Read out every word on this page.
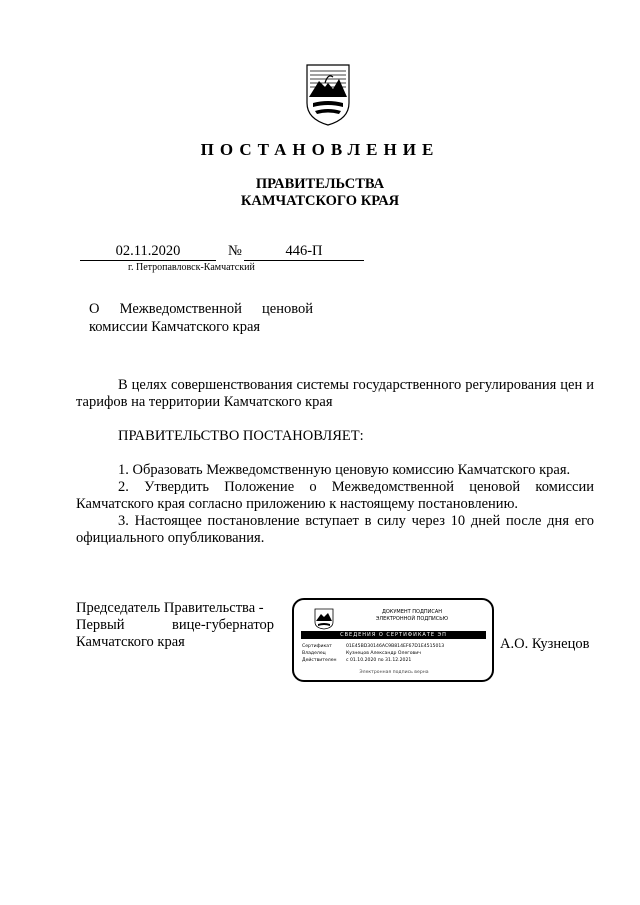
ПОСТАНОВЛЕНИЕ
ПРАВИТЕЛЬСТВА
КАМЧАТСКОГО КРАЯ
02.11.2020	№	446-П
г. Петропавловск-Камчатский
О Межведомственной ценовой
комиссии Камчатского края
В целях совершенствования системы государственного регулирования цен и тарифов на территории Камчатского края
ПРАВИТЕЛЬСТВО ПОСТАНОВЛЯЕТ:
1. Образовать Межведомственную ценовую комиссию Камчатского края.
2. Утвердить Положение о Межведомственной ценовой комиссии Камчатского края согласно приложению к настоящему постановлению.
3. Настоящее постановление вступает в силу через 10 дней после дня его официального опубликования.
Председатель Правительства -
Первый	вице-губернатор
Камчатского края
ДОКУМЕНТ ПОДПИСАН
ЭЛЕКТРОННОЙ ПОДПИСЬЮ
СВЕДЕНИЯ О СЕРТИФИКАТЕ ЭП
Сертификат	01E45BD30146AC9B814EF67D1E4515013
Владелец	Кузнецов Александр Олегович
Действителен с 01.10.2020 по 31.12.2021
Электронная подпись верна
А.О. Кузнецов
